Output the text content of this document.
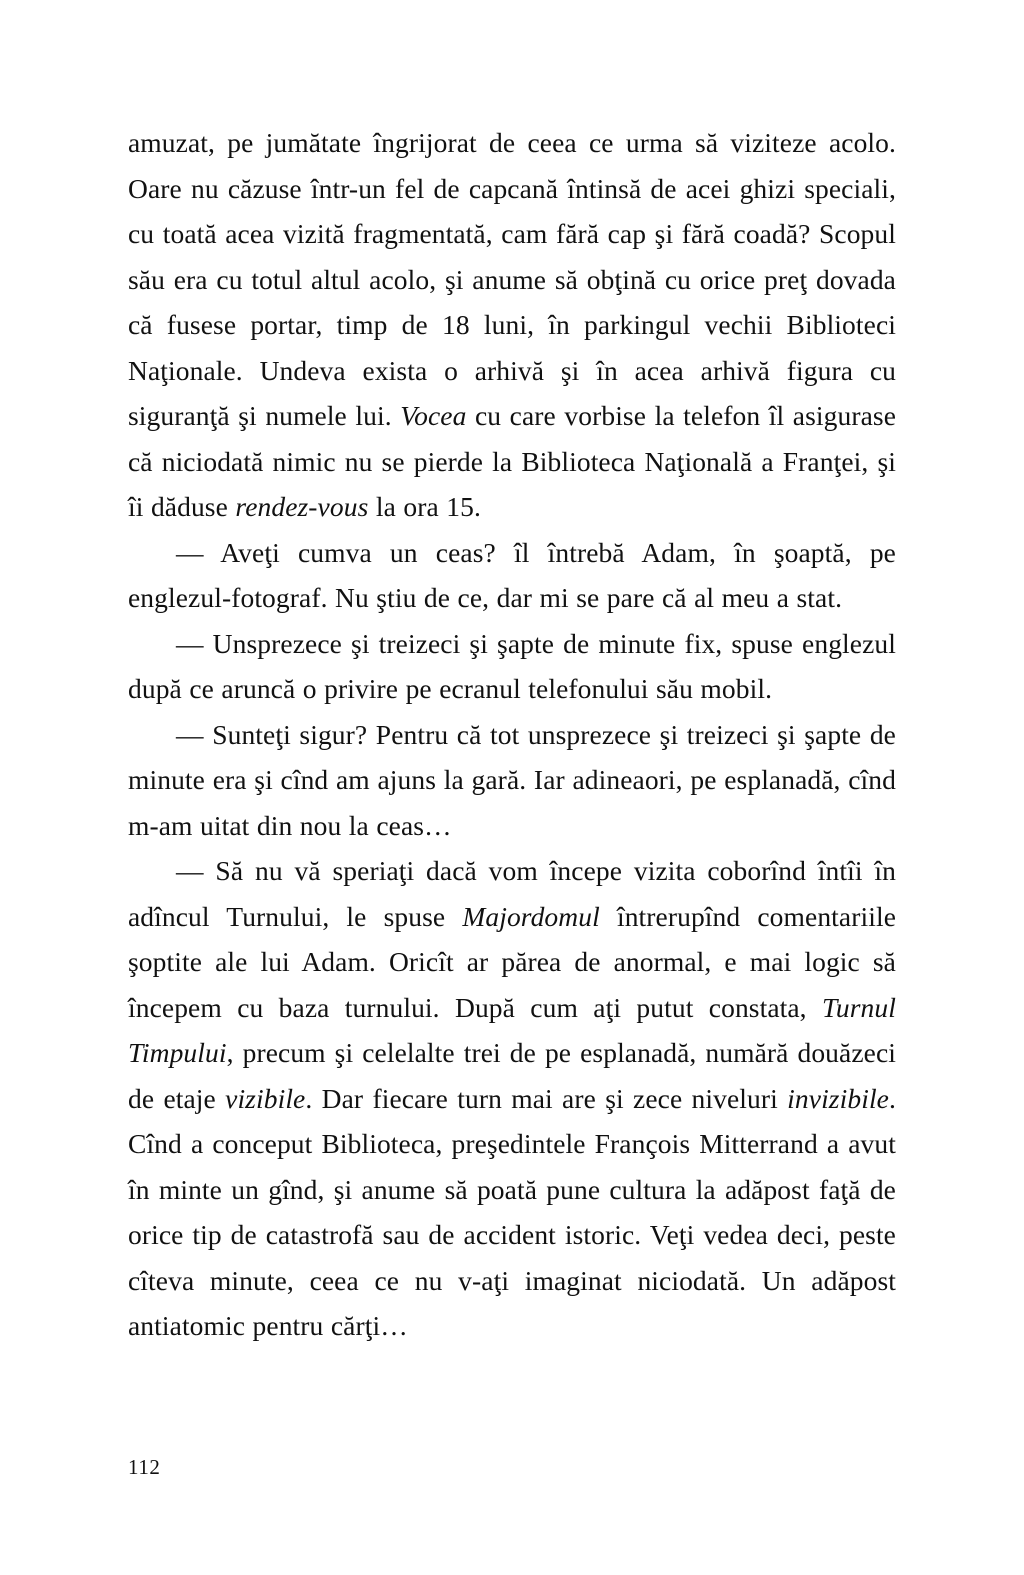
amuzat, pe jumătate îngrijorat de ceea ce urma să viziteze acolo. Oare nu căzuse într-un fel de capcană întinsă de acei ghizi speciali, cu toată acea vizită fragmentată, cam fără cap şi fără coadă? Scopul său era cu totul altul acolo, şi anume să obţină cu orice preţ dovada că fusese portar, timp de 18 luni, în parkingul vechii Biblioteci Naţionale. Undeva exista o arhivă şi în acea arhivă figura cu siguranţă şi numele lui. Vocea cu care vorbise la telefon îl asigurase că niciodată nimic nu se pierde la Biblioteca Naţională a Franţei, şi îi dăduse rendez-vous la ora 15.

— Aveţi cumva un ceas? îl întrebă Adam, în şoaptă, pe englezul-fotograf. Nu ştiu de ce, dar mi se pare că al meu a stat.

— Unsprezece şi treizeci şi şapte de minute fix, spuse englezul după ce aruncă o privire pe ecranul telefonului său mobil.

— Sunteţi sigur? Pentru că tot unsprezece şi treizeci şi şapte de minute era şi cînd am ajuns la gară. Iar adineaori, pe esplanadă, cînd m-am uitat din nou la ceas…

— Să nu vă speriaţi dacă vom începe vizita coborînd întîi în adîncul Turnului, le spuse Majordomul întrerupînd comentariile şoptite ale lui Adam. Oricît ar părea de anormal, e mai logic să începem cu baza turnului. După cum aţi putut constata, Turnul Timpului, precum şi celelalte trei de pe esplanadă, numără douăzeci de etaje vizibile. Dar fiecare turn mai are şi zece niveluri invizibile. Cînd a conceput Biblioteca, preşedintele François Mitterrand a avut în minte un gînd, şi anume să poată pune cultura la adăpost faţă de orice tip de catastrofă sau de accident istoric. Veţi vedea deci, peste cîteva minute, ceea ce nu v-aţi imaginat niciodată. Un adăpost antiatomic pentru cărţi…

112
